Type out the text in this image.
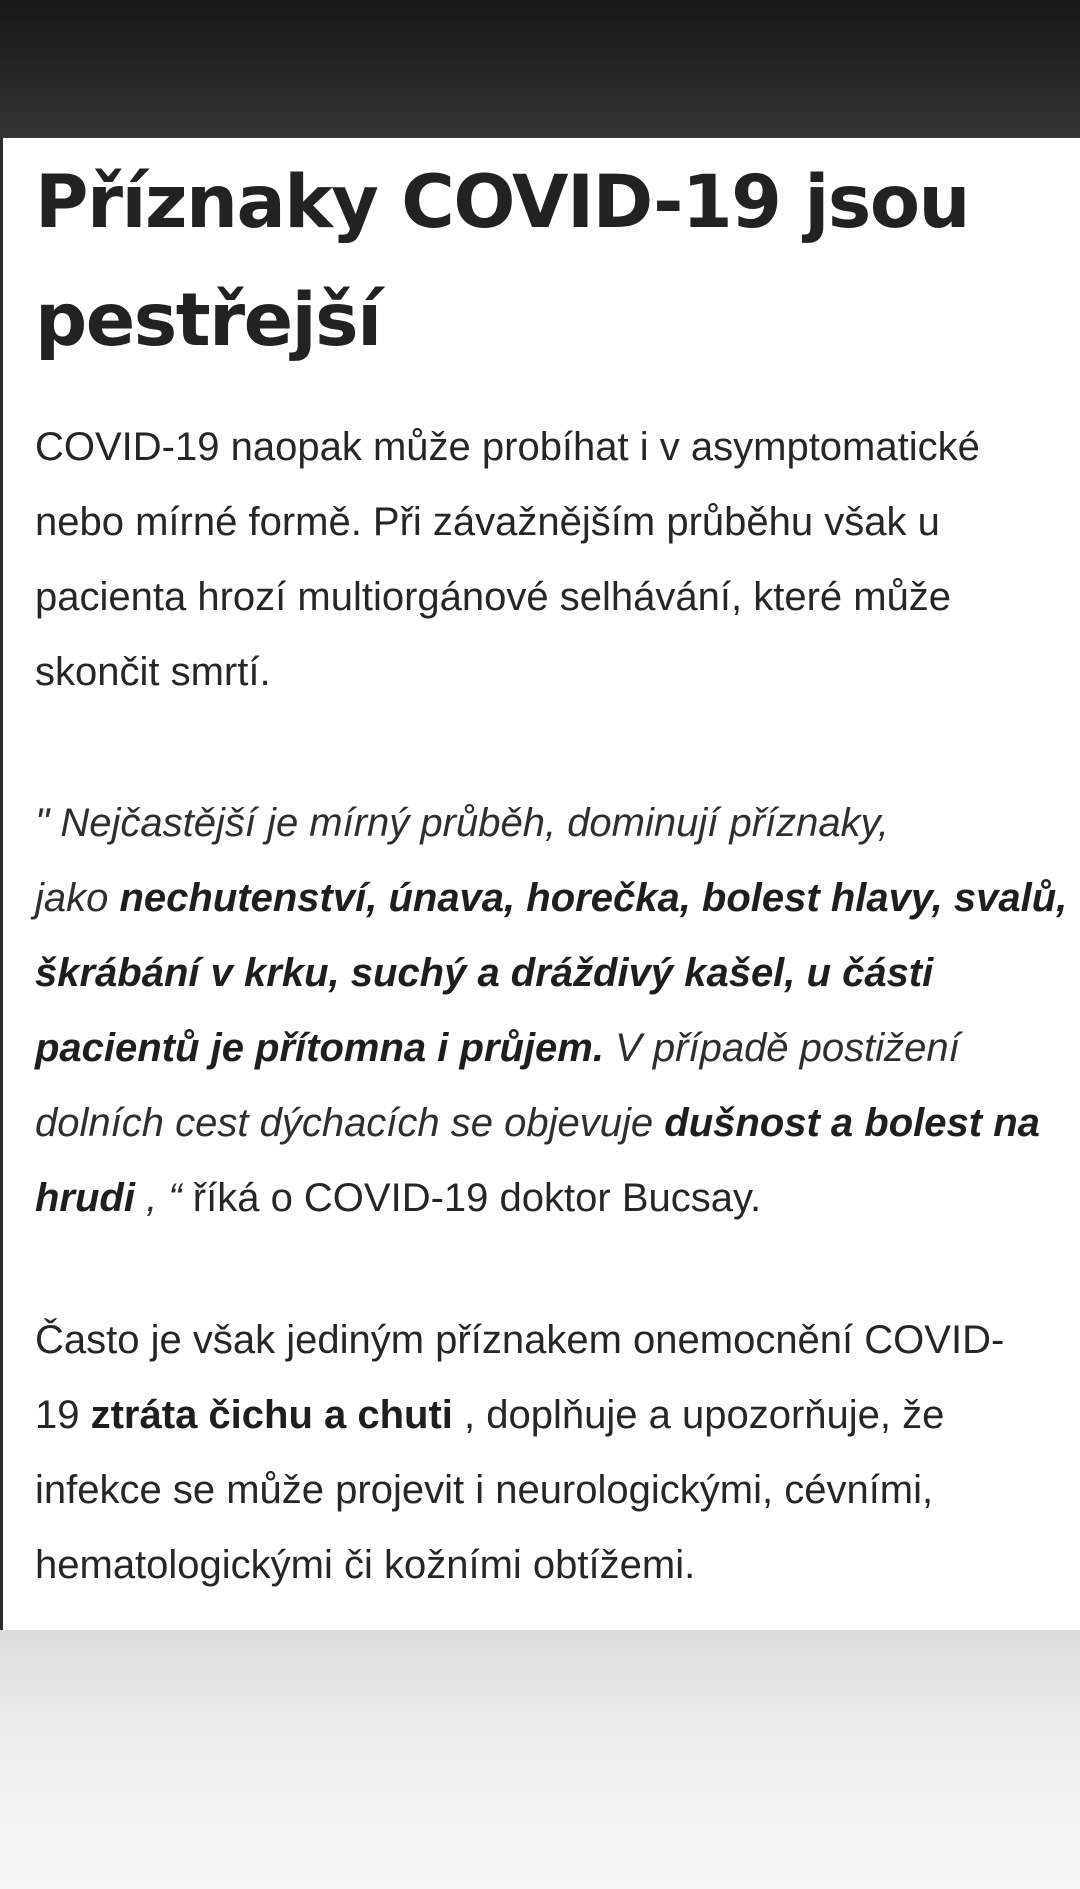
Příznaky COVID-19 jsou
pestřejší

COVID-19 naopak může probíhat i v asymptomatické
nebo mírné formě. Při závažnějším průběhu však u
pacienta hrozí multiorgánové selhávání, které může
skončit smrtí.

" Nejčastější je mírný průběh, dominují příznaky,
jako nechutenství, únava, horečka, bolest hlavy, svalů,
škrábání v krku, suchý a dráždivý kašel, u části
pacientů je přítomna i průjem. V případě postižení
dolních cest dýchacích se objevuje dušnost a bolest na
hrudi , “ říká o COVID-19 doktor Bucsay.

Často je však jediným příznakem onemocnění COVID-
19 ztráta čichu a chuti , doplňuje a upozorňuje, že
infekce se může projevit i neurologickými, cévními,
hematologickými či kožními obtížemi.
